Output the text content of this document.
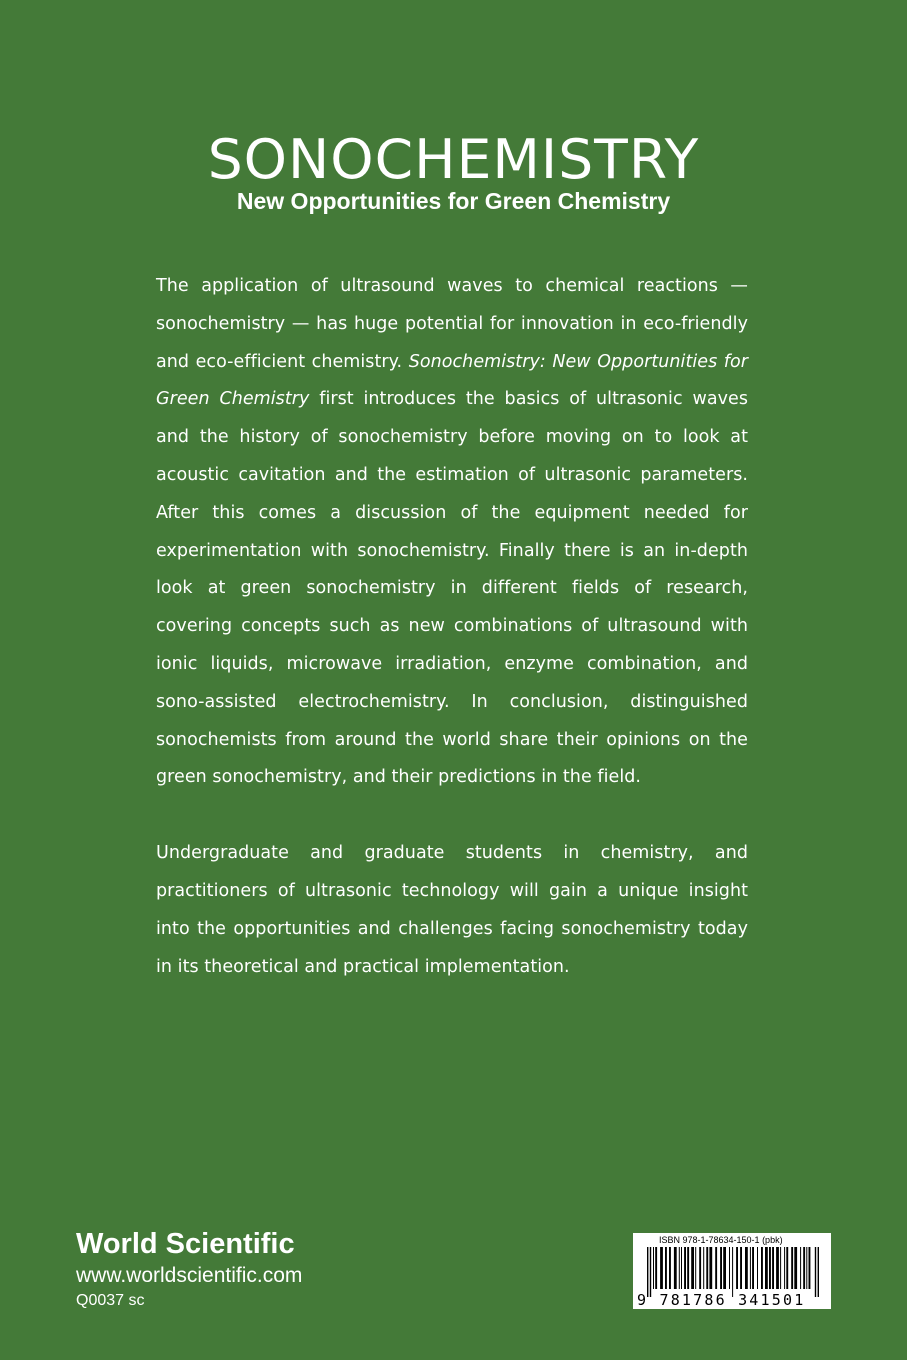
SONOCHEMISTRY
New Opportunities for Green Chemistry

The application of ultrasound waves to chemical reactions — sonochemistry — has huge potential for innovation in eco-friendly and eco-efficient chemistry. Sonochemistry: New Opportunities for Green Chemistry first introduces the basics of ultrasonic waves and the history of sonochemistry before moving on to look at acoustic cavitation and the estimation of ultrasonic parameters. After this comes a discussion of the equipment needed for experimentation with sonochemistry. Finally there is an in-depth look at green sonochemistry in different fields of research, covering concepts such as new combinations of ultrasound with ionic liquids, microwave irradiation, enzyme combination, and sono-assisted electrochemistry. In conclusion, distinguished sonochemists from around the world share their opinions on the green sonochemistry, and their predictions in the field.

Undergraduate and graduate students in chemistry, and practitioners of ultrasonic technology will gain a unique insight into the opportunities and challenges facing sonochemistry today in its theoretical and practical implementation.

World Scientific
www.worldscientific.com
Q0037 sc
ISBN 978-1-78634-150-1 (pbk)
9 781786 341501
